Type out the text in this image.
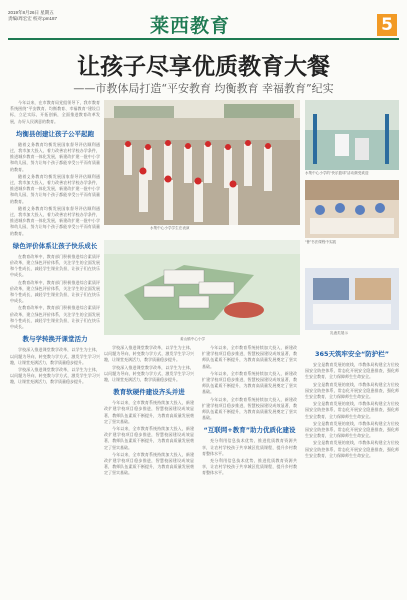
2019年8月26日 星期五
责编/周宏宏 校对:pm187	莱西教育	5
让孩子尽享优质教育大餐
——市教体局打造“平安教育 均衡教育 幸福教育”纪实

今年以来，在市教育局党组领导下，我市教育系统围绕“平安教育、均衡教育、幸福教育”建设目标，立足实际，开拓创新，全面推进教育改革发展，办好人民满意的教育。

均衡县创建让孩子公平起跑

随着义务教育均衡发展国家督导评估顺利通过，我市加大投入，着力改善农村学校办学条件，推进城乡教育一体化发展，新建改扩建一批中小学和幼儿园，努力让每个孩子都能享受公平而有质量的教育。

随着义务教育均衡发展国家督导评估顺利通过，我市加大投入，着力改善农村学校办学条件，推进城乡教育一体化发展，新建改扩建一批中小学和幼儿园，努力让每个孩子都能享受公平而有质量的教育。

随着义务教育均衡发展国家督导评估顺利通过，我市加大投入，着力改善农村学校办学条件，推进城乡教育一体化发展，新建改扩建一批中小学和幼儿园，努力让每个孩子都能享受公平而有质量的教育。

绿色评价体系让孩子快乐成长

在教育改革中，教育部门积极推进综合素质评价改革，建立绿色评价体系，关注学生的全面发展和个性成长，减轻学生课业负担，让孩子们在快乐中成长。

在教育改革中，教育部门积极推进综合素质评价改革，建立绿色评价体系，关注学生的全面发展和个性成长，减轻学生课业负担，让孩子们在快乐中成长。

在教育改革中，教育部门积极推进综合素质评价改革，建立绿色评价体系，关注学生的全面发展和个性成长，减轻学生课业负担，让孩子们在快乐中成长。

教与学转换开课堂活力

学校深入推进课堂教学改革，以学生为主体，以问题为导向，转变教与学方式，激发学生学习兴趣，让课堂充满活力，教学质量稳步提升。

学校深入推进课堂教学改革，以学生为主体，以问题为导向，转变教与学方式，激发学生学习兴趣，让课堂充满活力，教学质量稳步提升。

水集中心小学学生在表演
水集中心小学的“快乐篮球”活动颇受欢迎
“鲁”书法课程中实践
姜山镇中心小学
乳液类展示

学校深入推进课堂教学改革，以学生为主体，以问题为导向，转变教与学方式，激发学生学习兴趣，让课堂充满活力，教学质量稳步提升。

学校深入推进课堂教学改革，以学生为主体，以问题为导向，转变教与学方式，激发学生学习兴趣，让课堂充满活力，教学质量稳步提升。

教育软硬件建设齐头并进

今年以来，全市教育系统持续加大投入，新建改扩建学校项目稳步推进，智慧校园建设成效显著，教师队伍素质不断提升，为教育高质量发展奠定了坚实基础。

今年以来，全市教育系统持续加大投入，新建改扩建学校项目稳步推进，智慧校园建设成效显著，教师队伍素质不断提升，为教育高质量发展奠定了坚实基础。

今年以来，全市教育系统持续加大投入，新建改扩建学校项目稳步推进，智慧校园建设成效显著，教师队伍素质不断提升，为教育高质量发展奠定了坚实基础。

今年以来，全市教育系统持续加大投入，新建改扩建学校项目稳步推进，智慧校园建设成效显著，教师队伍素质不断提升，为教育高质量发展奠定了坚实基础。

今年以来，全市教育系统持续加大投入，新建改扩建学校项目稳步推进，智慧校园建设成效显著，教师队伍素质不断提升，为教育高质量发展奠定了坚实基础。

今年以来，全市教育系统持续加大投入，新建改扩建学校项目稳步推进，智慧校园建设成效显著，教师队伍素质不断提升，为教育高质量发展奠定了坚实基础。

“互联网+教育”助力优质化建设

充分利用信息技术优势，推进优质教育资源共享，让农村学校孩子共享城区优质课程，提升乡村教育整体水平。

充分利用信息技术优势，推进优质教育资源共享，让农村学校孩子共享城区优质课程，提升乡村教育整体水平。

365天筑牢安全“防护栏”

安全是教育发展的底线，市教体局构建全方位校园安全防控体系，常态化开展安全隐患排查，强化师生安全教育，全力保障师生生命安全。

安全是教育发展的底线，市教体局构建全方位校园安全防控体系，常态化开展安全隐患排查，强化师生安全教育，全力保障师生生命安全。

安全是教育发展的底线，市教体局构建全方位校园安全防控体系，常态化开展安全隐患排查，强化师生安全教育，全力保障师生生命安全。

安全是教育发展的底线，市教体局构建全方位校园安全防控体系，常态化开展安全隐患排查，强化师生安全教育，全力保障师生生命安全。

安全是教育发展的底线，市教体局构建全方位校园安全防控体系，常态化开展安全隐患排查，强化师生安全教育，全力保障师生生命安全。
